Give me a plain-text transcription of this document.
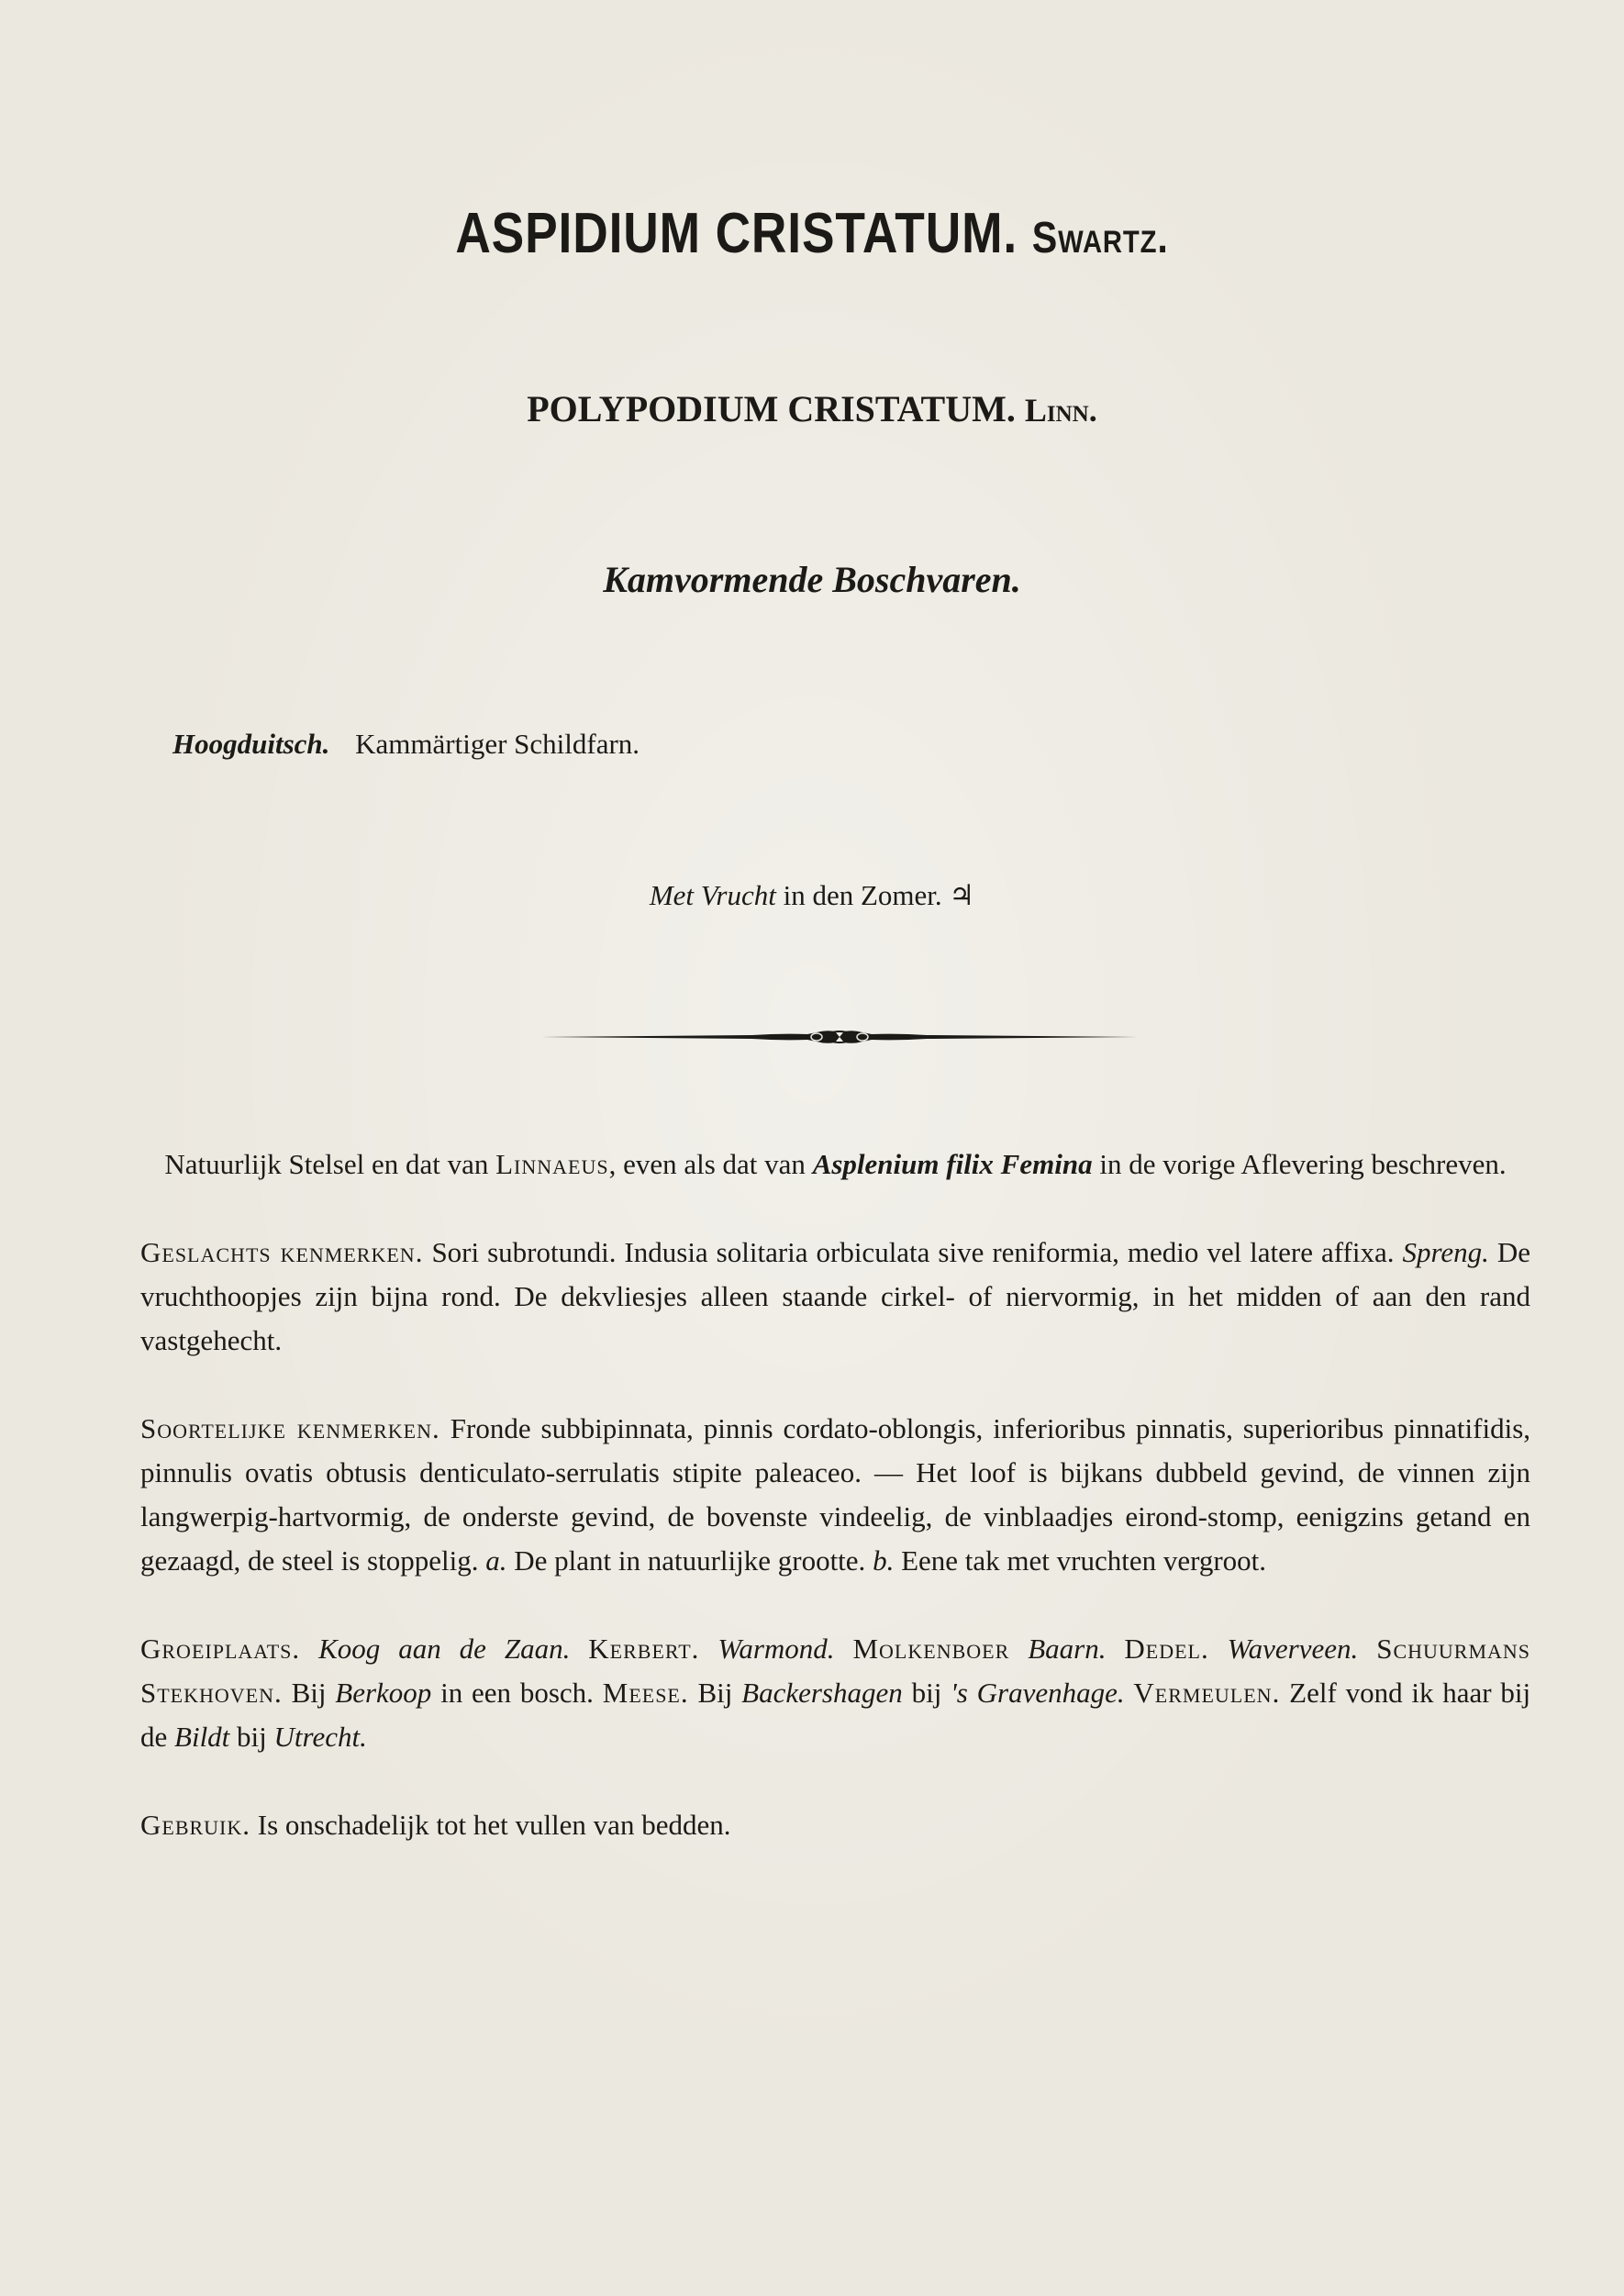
ASPIDIUM CRISTATUM. Swartz.
POLYPODIUM CRISTATUM. Linn.
Kamvormende Boschvaren.
Hoogduitsch. Kammärtiger Schildfarn.
Met Vrucht in den Zomer. ♃

Natuurlijk Stelsel en dat van Linnaeus, even als dat van Asplenium filix Femina in de vorige Aflevering beschreven.

Geslachts kenmerken. Sori subrotundi. Indusia solitaria orbiculata sive reniformia, medio vel latere affixa. Spreng. De vruchthoopjes zijn bijna rond. De dekvliesjes alleen staande cirkel- of niervormig, in het midden of aan den rand vastgehecht.

Soortelijke kenmerken. Fronde subbipinnata, pinnis cordato-oblongis, inferioribus pinnatis, superioribus pinnatifidis, pinnulis ovatis obtusis denticulato-serrulatis stipite paleaceo. — Het loof is bijkans dubbeld gevind, de vinnen zijn langwerpig-hartvormig, de onderste gevind, de bovenste vindeelig, de vinblaadjes eirond-stomp, eenigzins getand en gezaagd, de steel is stoppelig. a. De plant in natuurlijke grootte. b. Eene tak met vruchten vergroot.

Groeiplaats. Koog aan de Zaan. Kerbert. Warmond. Molkenboer Baarn. Dedel. Waverveen. Schuurmans Stekhoven. Bij Berkoop in een bosch. Meese. Bij Backershagen bij 's Gravenhage. Vermeulen. Zelf vond ik haar bij de Bildt bij Utrecht.

Gebruik. Is onschadelijk tot het vullen van bedden.
